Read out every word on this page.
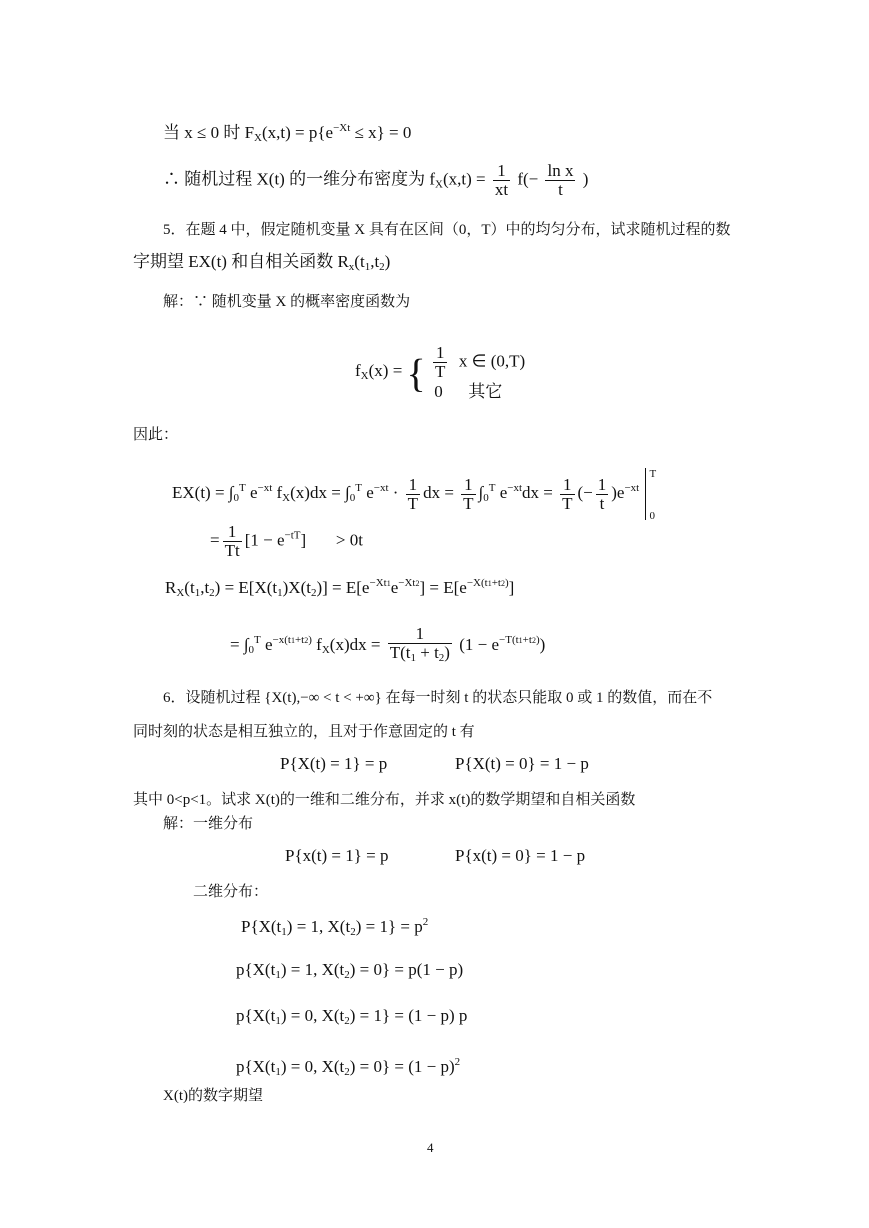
当 x ≤ 0 时 $F_X(x,t) = p\{e^{-Xt} \le x\} = 0$
∴ 随机过程 X(t) 的一维分布密度为 $f_X(x,t) = \frac{1}{xt} f(- \frac{\text{ln x}}{t}$ )
5．在题 4 中，假定随机变量 X 具有在区间（0，T）中的均匀分布，试求随机过程的数
字期望 EX(t) 和自相关函数 $R_x(t_1,t_2)$
解：∵ 随机变量 X 的概率密度函数为
$f_X(x)$ = { $\frac{1}{T}$ x ∈ (0,T)
0 其它
因此：
$EX(t) = \int_0^T$ $e^{-xt}$ $f_X(x)dx = \int_0^T$ $e^{-xt} \cdot \frac{1}{T}$ dx = $\frac{1}{T} \int_0^T$ $e^{-xt}dx = \frac{1}{T}$ (− $\frac{1}{t} )e^{-xt}$
T
0
= $\frac{1}{Tt} [1 - e^{-tT}] > 0t$
$R_X(t_1,t_2) = E[X(t_1)X(t_2)] = E[e^{-Xt1}e^{-Xt2}] = E[e^{-X(t1+t2)}]$
= $\int_0^T$ $e^{-x(t1+t2)}$ $f_X(x)dx = \frac{1}{T(t_1 + t_2)} (1 - e^{-T(t1+t2)})$
6．设随机过程 {X(t),−∞ < t < +∞} 在每一时刻 t 的状态只能取 0 或 1 的数值，而在不
同时刻的状态是相互独立的，且对于作意固定的 t 有
P{X(t) = 1} = p	P{X(t) = 0} = 1 − p
其中 0<p<1。试求 X(t)的一维和二维分布，并求 x(t)的数学期望和自相关函数
解：一维分布
P{x(t) = 1} = p	P{x(t) = 0} = 1 − p
二维分布：
$P\{X(t_1) = 1$, $X(t_2) = 1\} = p^2$
$p\{X(t_1) = 1$, $X(t_2) = 0\} = p(1 - p)$
$p\{X(t_1) = 0$, $X(t_2) = 1\} = (1 - p)$ p
$p\{X(t_1) = 0$, $X(t_2) = 0\} = (1 - p)^2$
X(t)的数字期望
4
